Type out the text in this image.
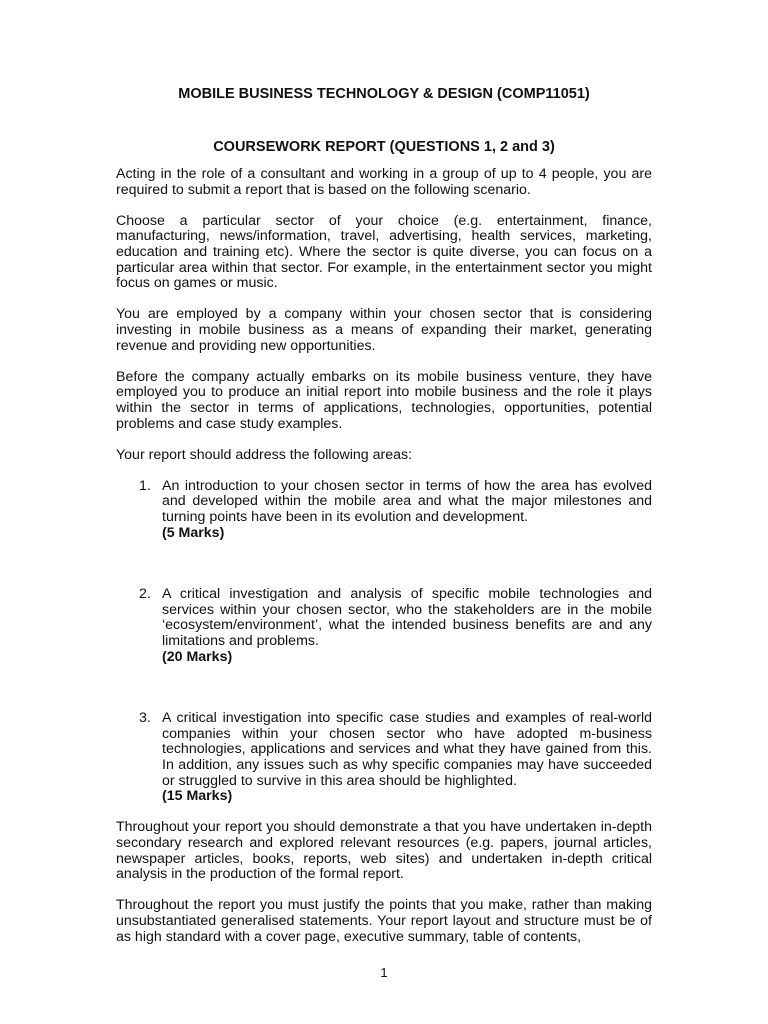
MOBILE BUSINESS TECHNOLOGY & DESIGN (COMP11051)
COURSEWORK REPORT (QUESTIONS 1, 2 and 3)

Acting in the role of a consultant and working in a group of up to 4 people, you are required to submit a report that is based on the following scenario.

Choose a particular sector of your choice (e.g. entertainment, finance, manufacturing, news/information, travel, advertising, health services, marketing, education and training etc). Where the sector is quite diverse, you can focus on a particular area within that sector. For example, in the entertainment sector you might focus on games or music.

You are employed by a company within your chosen sector that is considering investing in mobile business as a means of expanding their market, generating revenue and providing new opportunities.

Before the company actually embarks on its mobile business venture, they have employed you to produce an initial report into mobile business and the role it plays within the sector in terms of applications, technologies, opportunities, potential problems and case study examples.

Your report should address the following areas:

1. An introduction to your chosen sector in terms of how the area has evolved and developed within the mobile area and what the major milestones and turning points have been in its evolution and development.
(5 Marks)
2. A critical investigation and analysis of specific mobile technologies and services within your chosen sector, who the stakeholders are in the mobile ‘ecosystem/environment’, what the intended business benefits are and any limitations and problems.
(20 Marks)
3. A critical investigation into specific case studies and examples of real-world companies within your chosen sector who have adopted m-business technologies, applications and services and what they have gained from this. In addition, any issues such as why specific companies may have succeeded or struggled to survive in this area should be highlighted.
(15 Marks)

Throughout your report you should demonstrate a that you have undertaken in-depth secondary research and explored relevant resources (e.g. papers, journal articles, newspaper articles, books, reports, web sites) and undertaken in-depth critical analysis in the production of the formal report.

Throughout the report you must justify the points that you make, rather than making unsubstantiated generalised statements. Your report layout and structure must be of as high standard with a cover page, executive summary, table of contents,

1
